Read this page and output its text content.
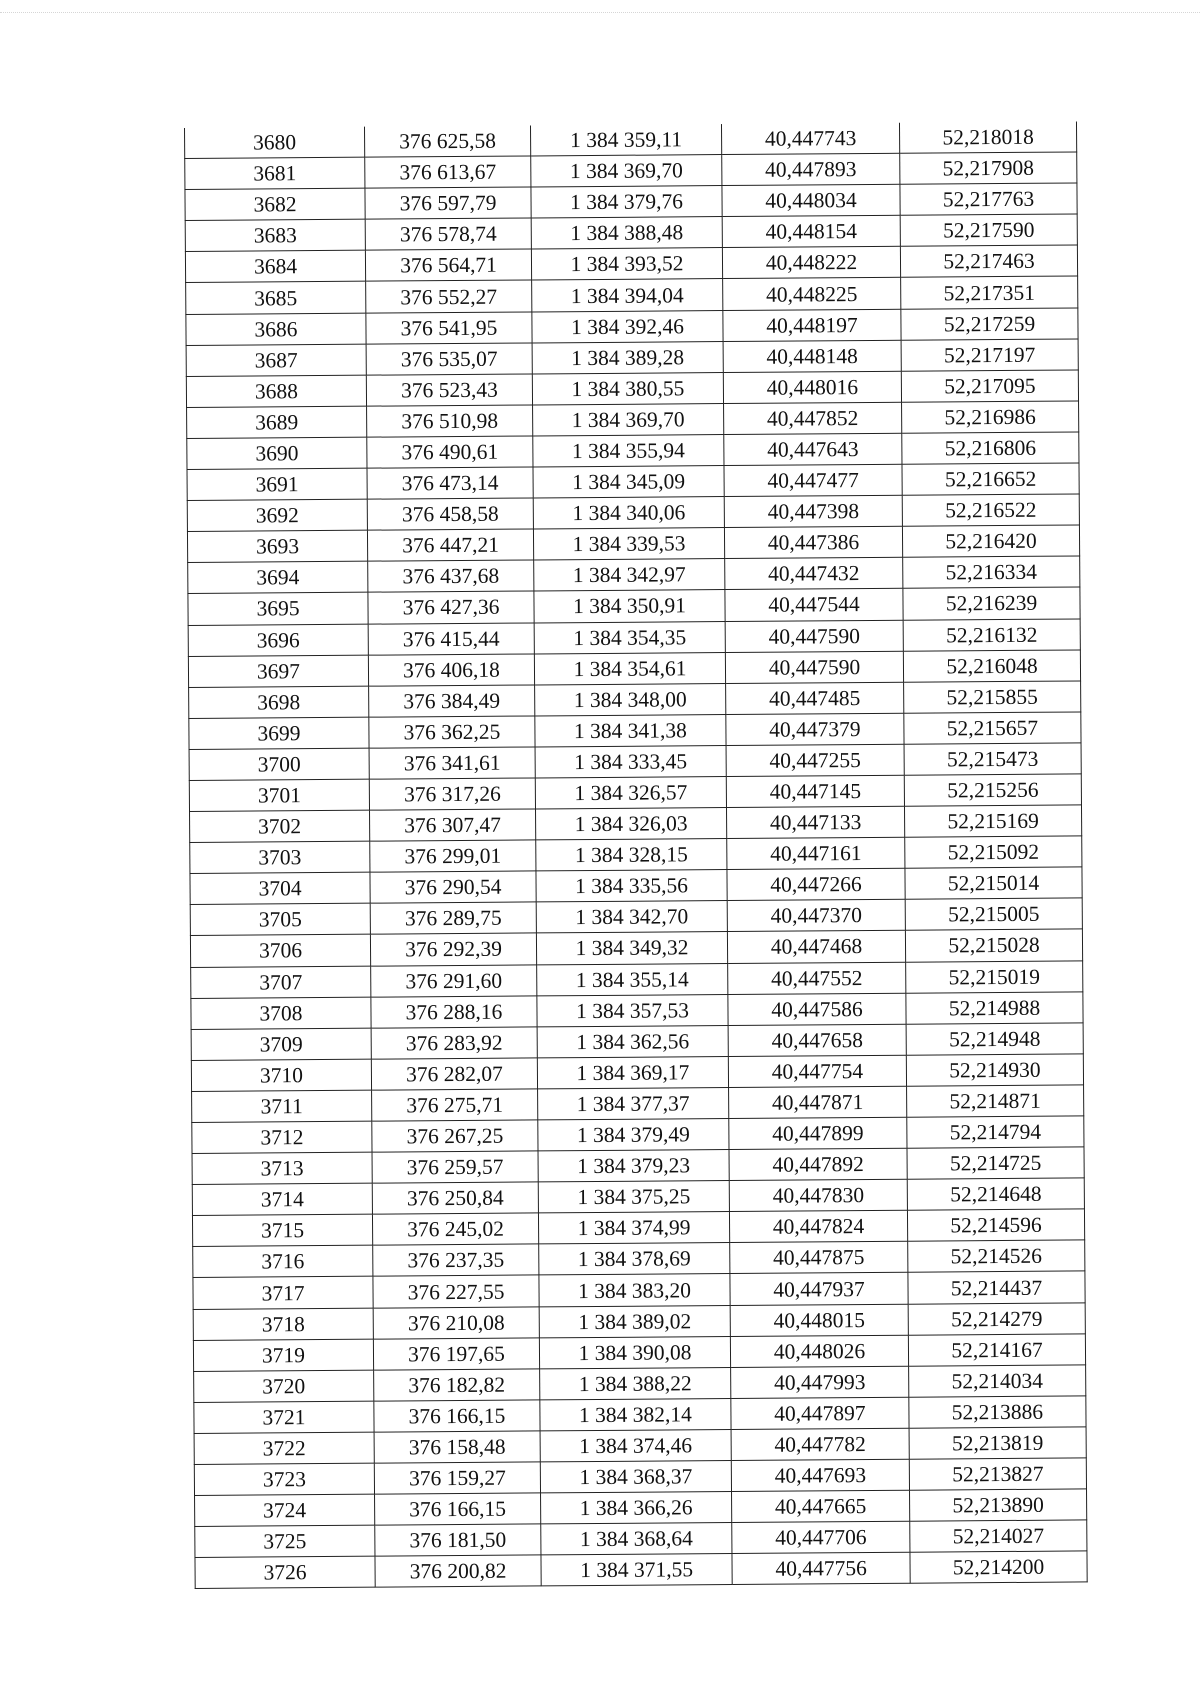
3680	376 625,58	1 384 359,11	40,447743	52,218018
3681	376 613,67	1 384 369,70	40,447893	52,217908
3682	376 597,79	1 384 379,76	40,448034	52,217763
3683	376 578,74	1 384 388,48	40,448154	52,217590
3684	376 564,71	1 384 393,52	40,448222	52,217463
3685	376 552,27	1 384 394,04	40,448225	52,217351
3686	376 541,95	1 384 392,46	40,448197	52,217259
3687	376 535,07	1 384 389,28	40,448148	52,217197
3688	376 523,43	1 384 380,55	40,448016	52,217095
3689	376 510,98	1 384 369,70	40,447852	52,216986
3690	376 490,61	1 384 355,94	40,447643	52,216806
3691	376 473,14	1 384 345,09	40,447477	52,216652
3692	376 458,58	1 384 340,06	40,447398	52,216522
3693	376 447,21	1 384 339,53	40,447386	52,216420
3694	376 437,68	1 384 342,97	40,447432	52,216334
3695	376 427,36	1 384 350,91	40,447544	52,216239
3696	376 415,44	1 384 354,35	40,447590	52,216132
3697	376 406,18	1 384 354,61	40,447590	52,216048
3698	376 384,49	1 384 348,00	40,447485	52,215855
3699	376 362,25	1 384 341,38	40,447379	52,215657
3700	376 341,61	1 384 333,45	40,447255	52,215473
3701	376 317,26	1 384 326,57	40,447145	52,215256
3702	376 307,47	1 384 326,03	40,447133	52,215169
3703	376 299,01	1 384 328,15	40,447161	52,215092
3704	376 290,54	1 384 335,56	40,447266	52,215014
3705	376 289,75	1 384 342,70	40,447370	52,215005
3706	376 292,39	1 384 349,32	40,447468	52,215028
3707	376 291,60	1 384 355,14	40,447552	52,215019
3708	376 288,16	1 384 357,53	40,447586	52,214988
3709	376 283,92	1 384 362,56	40,447658	52,214948
3710	376 282,07	1 384 369,17	40,447754	52,214930
3711	376 275,71	1 384 377,37	40,447871	52,214871
3712	376 267,25	1 384 379,49	40,447899	52,214794
3713	376 259,57	1 384 379,23	40,447892	52,214725
3714	376 250,84	1 384 375,25	40,447830	52,214648
3715	376 245,02	1 384 374,99	40,447824	52,214596
3716	376 237,35	1 384 378,69	40,447875	52,214526
3717	376 227,55	1 384 383,20	40,447937	52,214437
3718	376 210,08	1 384 389,02	40,448015	52,214279
3719	376 197,65	1 384 390,08	40,448026	52,214167
3720	376 182,82	1 384 388,22	40,447993	52,214034
3721	376 166,15	1 384 382,14	40,447897	52,213886
3722	376 158,48	1 384 374,46	40,447782	52,213819
3723	376 159,27	1 384 368,37	40,447693	52,213827
3724	376 166,15	1 384 366,26	40,447665	52,213890
3725	376 181,50	1 384 368,64	40,447706	52,214027
3726	376 200,82	1 384 371,55	40,447756	52,214200
